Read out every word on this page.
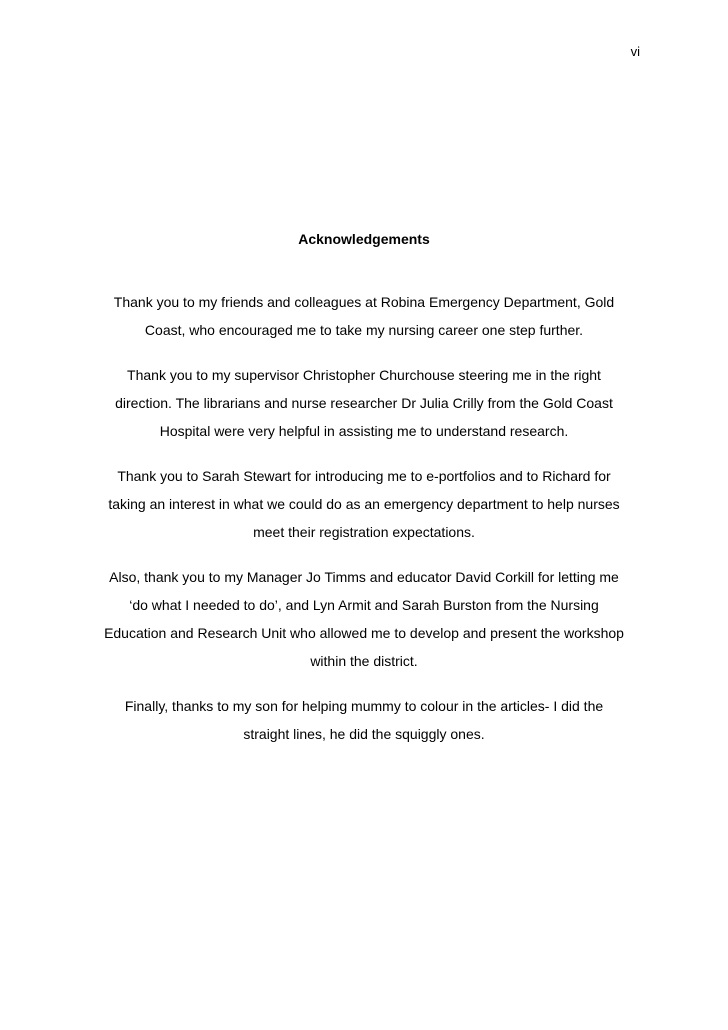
vi
Acknowledgements

Thank you to my friends and colleagues at Robina Emergency Department, Gold
Coast, who encouraged me to take my nursing career one step further.

Thank you to my supervisor Christopher Churchouse steering me in the right
direction. The librarians and nurse researcher Dr Julia Crilly from the Gold Coast
Hospital were very helpful in assisting me to understand research.

Thank you to Sarah Stewart for introducing me to e-portfolios and to Richard for
taking an interest in what we could do as an emergency department to help nurses
meet their registration expectations.

Also, thank you to my Manager Jo Timms and educator David Corkill for letting me
‘do what I needed to do’, and Lyn Armit and Sarah Burston from the Nursing
Education and Research Unit who allowed me to develop and present the workshop
within the district.

Finally, thanks to my son for helping mummy to colour in the articles- I did the
straight lines, he did the squiggly ones.
